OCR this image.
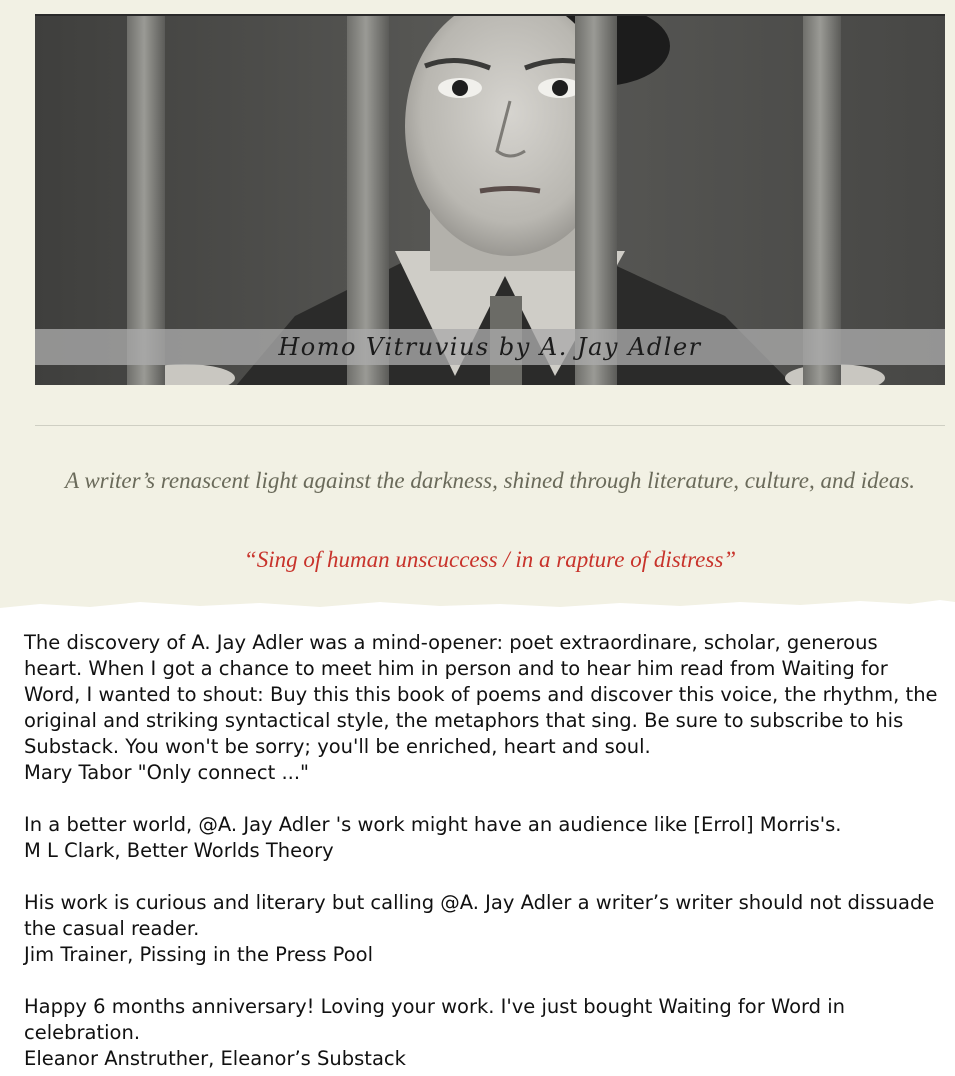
Homo Vitruvius by A. Jay Adler
A writer’s renascent light against the darkness, shined through literature, culture, and ideas.
“Sing of human unscuccess / in a rapture of distress”

The discovery of A. Jay Adler was a mind-opener: poet extraordinare, scholar, generous heart. When I got a chance to meet him in person and to hear him read from Waiting for Word, I wanted to shout: Buy this this book of poems and discover this voice, the rhythm, the original and striking syntactical style, the metaphors that sing. Be sure to subscribe to his Substack. You won't be sorry; you'll be enriched, heart and soul.

Mary Tabor "Only connect ..."

In a better world, @A. Jay Adler 's work might have an audience like [Errol] Morris's.

M L Clark, Better Worlds Theory

His work is curious and literary but calling @A. Jay Adler a writer’s writer should not dissuade the casual reader.

Jim Trainer, Pissing in the Press Pool

Happy 6 months anniversary! Loving your work. I've just bought Waiting for Word in celebration.

Eleanor Anstruther, Eleanor’s Substack
